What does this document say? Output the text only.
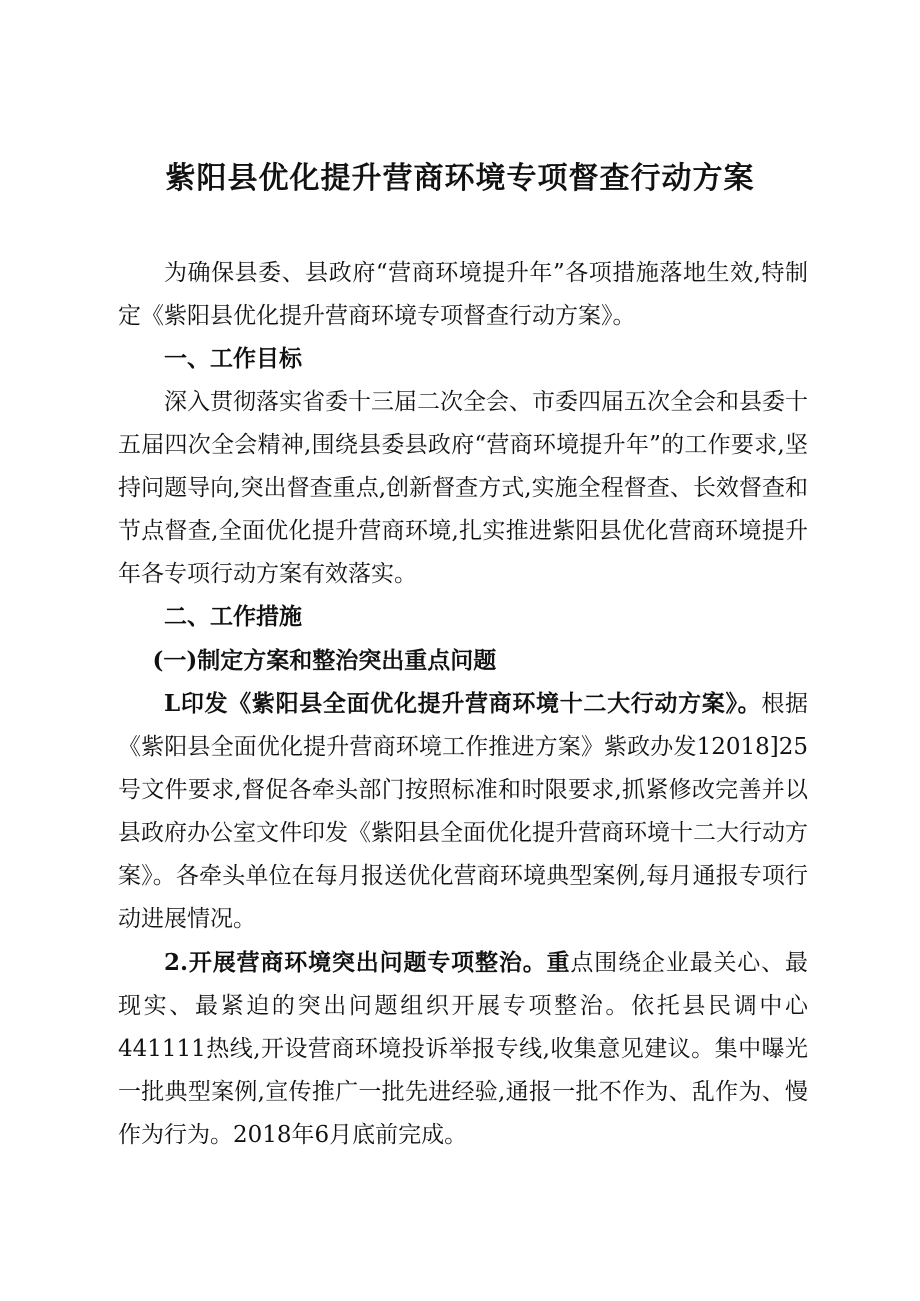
紫阳县优化提升营商环境专项督查行动方案

为确保县委、县政府“营商环境提升年”各项措施落地生效,特制定《紫阳县优化提升营商环境专项督查行动方案》。

一、工作目标

深入贯彻落实省委十三届二次全会、市委四届五次全会和县委十五届四次全会精神,围绕县委县政府“营商环境提升年”的工作要求,坚持问题导向,突出督查重点,创新督查方式,实施全程督查、长效督查和节点督查,全面优化提升营商环境,扎实推进紫阳县优化营商环境提升年各专项行动方案有效落实。

二、工作措施

(一)制定方案和整治突出重点问题

L印发《紫阳县全面优化提升营商环境十二大行动方案》。根据《紫阳县全面优化提升营商环境工作推进方案》紫政办发12018]25号文件要求,督促各牵头部门按照标准和时限要求,抓紧修改完善并以县政府办公室文件印发《紫阳县全面优化提升营商环境十二大行动方案》。各牵头单位在每月报送优化营商环境典型案例,每月通报专项行动进展情况。

2.开展营商环境突出问题专项整治。重点围绕企业最关心、最现实、最紧迫的突出问题组织开展专项整治。依托县民调中心441111热线,开设营商环境投诉举报专线,收集意见建议。集中曝光一批典型案例,宣传推广一批先进经验,通报一批不作为、乱作为、慢作为行为。2018年6月底前完成。
